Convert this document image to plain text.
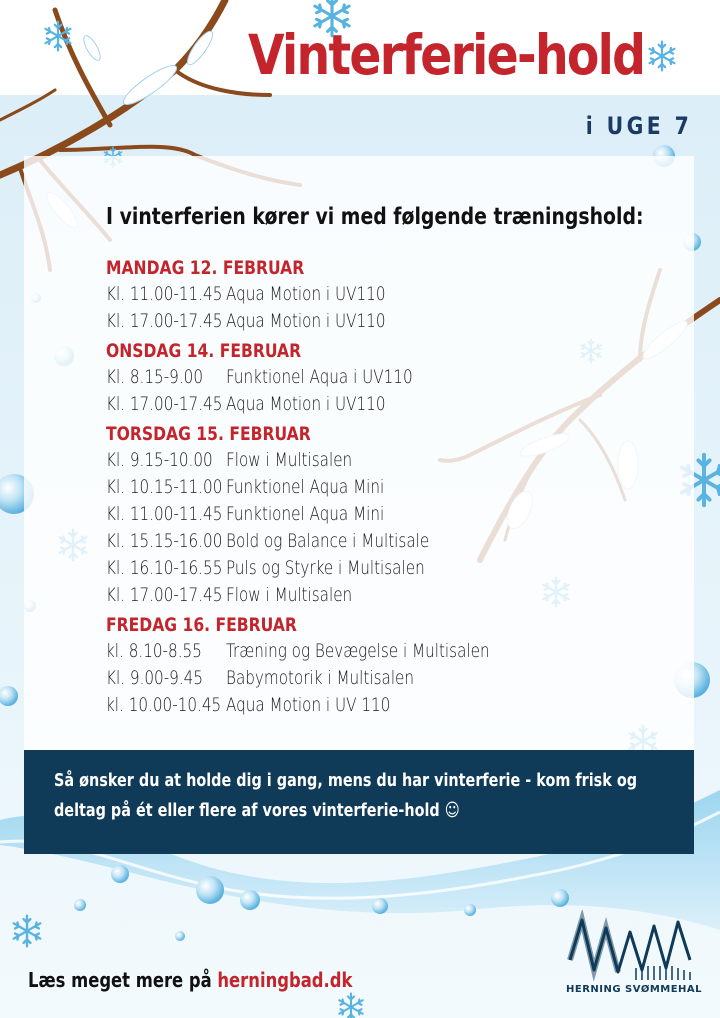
Vinterferie-hold
i UGE 7

I vinterferien kører vi med følgende træningshold:

MANDAG 12. FEBRUAR
Kl. 11.00-11.45 Aqua Motion i UV110
Kl. 17.00-17.45 Aqua Motion i UV110
ONSDAG 14. FEBRUAR
Kl. 8.15-9.00 Funktionel Aqua i UV110
Kl. 17.00-17.45 Aqua Motion i UV110
TORSDAG 15. FEBRUAR
Kl. 9.15-10.00 Flow i Multisalen
Kl. 10.15-11.00 Funktionel Aqua Mini
Kl. 11.00-11.45 Funktionel Aqua Mini
Kl. 15.15-16.00 Bold og Balance i Multisale
Kl. 16.10-16.55 Puls og Styrke i Multisalen
Kl. 17.00-17.45 Flow i Multisalen
FREDAG 16. FEBRUAR
kl. 8.10-8.55 Træning og Bevægelse i Multisalen
Kl. 9.00-9.45 Babymotorik i Multisalen
kl. 10.00-10.45 Aqua Motion i UV 110

Så ønsker du at holde dig i gang, mens du har vinterferie - kom frisk og deltag på ét eller flere af vores vinterferie-hold ☺

Læs meget mere på herningbad.dk	HERNING SVØMMEHAL
